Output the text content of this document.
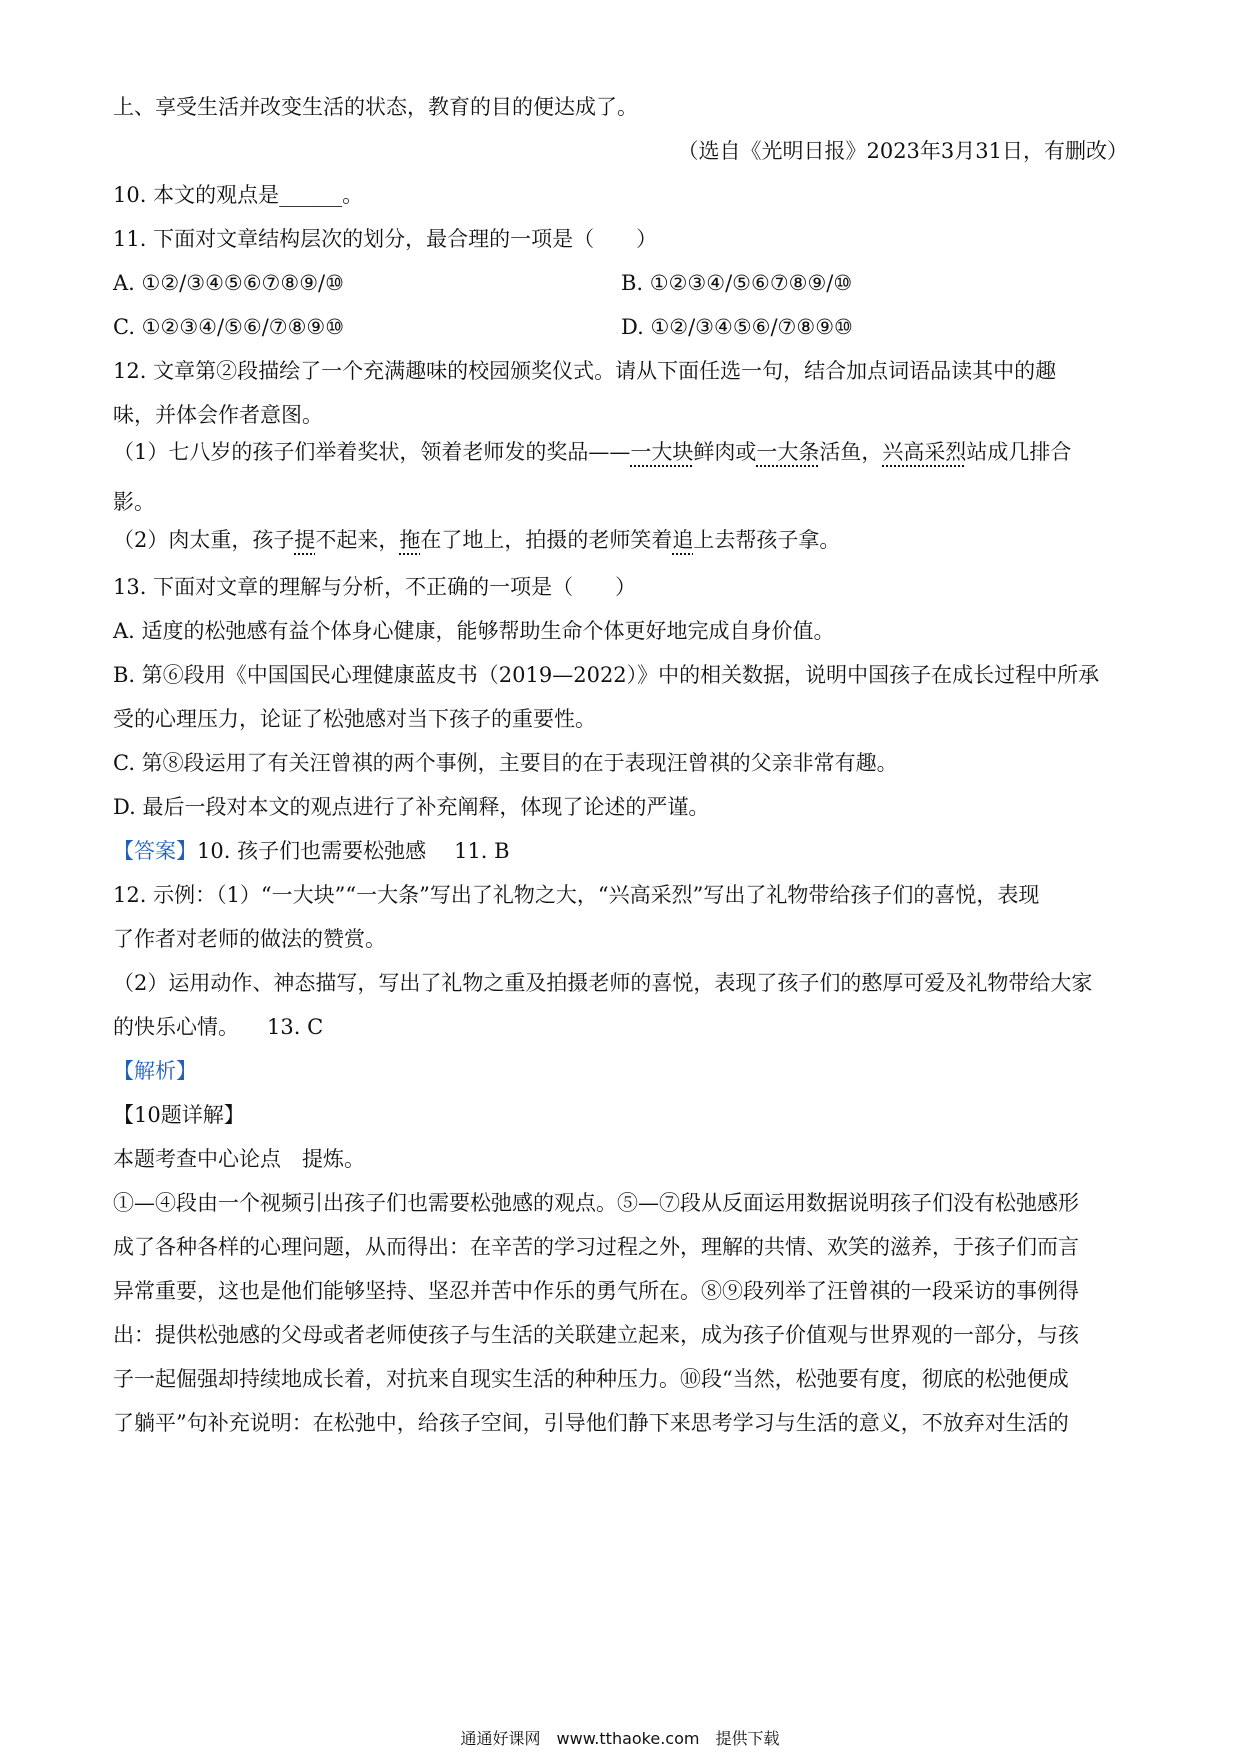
上、享受生活并改变生活的状态，教育的目的便达成了。
（选自《光明日报》2023年3月31日，有删改）
10. 本文的观点是______。
11. 下面对文章结构层次的划分，最合理的一项是（　　）
A. ①②/③④⑤⑥⑦⑧⑨/⑩	B. ①②③④/⑤⑥⑦⑧⑨/⑩
C. ①②③④/⑤⑥/⑦⑧⑨⑩	D. ①②/③④⑤⑥/⑦⑧⑨⑩
12. 文章第②段描绘了一个充满趣味的校园颁奖仪式。请从下面任选一句，结合加点词语品读其中的趣
味，并体会作者意图。
（1）七八岁的孩子们举着奖状，领着老师发的奖品——一大块鲜肉或一大条活鱼，兴高采烈站成几排合
影。
（2）肉太重，孩子提不起来，拖在了地上，拍摄的老师笑着追上去帮孩子拿。
13. 下面对文章的理解与分析，不正确的一项是（　　）
A. 适度的松弛感有益个体身心健康，能够帮助生命个体更好地完成自身价值。
B. 第⑥段用《中国国民心理健康蓝皮书（2019—2022）》中的相关数据，说明中国孩子在成长过程中所承
受的心理压力，论证了松弛感对当下孩子的重要性。
C. 第⑧段运用了有关汪曾祺的两个事例，主要目的在于表现汪曾祺的父亲非常有趣。
D. 最后一段对本文的观点进行了补充阐释，体现了论述的严谨。
【答案】10. 孩子们也需要松弛感 11. B
12. 示例：（1）“一大块”“一大条”写出了礼物之大，“兴高采烈”写出了礼物带给孩子们的喜悦，表现
了作者对老师的做法的赞赏。
（2）运用动作、神态描写，写出了礼物之重及拍摄老师的喜悦，表现了孩子们的憨厚可爱及礼物带给大家
的快乐心情。 13. C
【解析】
【10题详解】
本题考查中心论点　提炼。
①—④段由一个视频引出孩子们也需要松弛感的观点。⑤—⑦段从反面运用数据说明孩子们没有松弛感形
成了各种各样的心理问题，从而得出：在辛苦的学习过程之外，理解的共情、欢笑的滋养，于孩子们而言
异常重要，这也是他们能够坚持、坚忍并苦中作乐的勇气所在。⑧⑨段列举了汪曾祺的一段采访的事例得
出：提供松弛感的父母或者老师使孩子与生活的关联建立起来，成为孩子价值观与世界观的一部分，与孩
子一起倔强却持续地成长着，对抗来自现实生活的种种压力。⑩段“当然，松弛要有度，彻底的松弛便成
了躺平”句补充说明：在松弛中，给孩子空间，引导他们静下来思考学习与生活的意义，不放弃对生活的
通通好课网　www.tthaoke.com　提供下载
